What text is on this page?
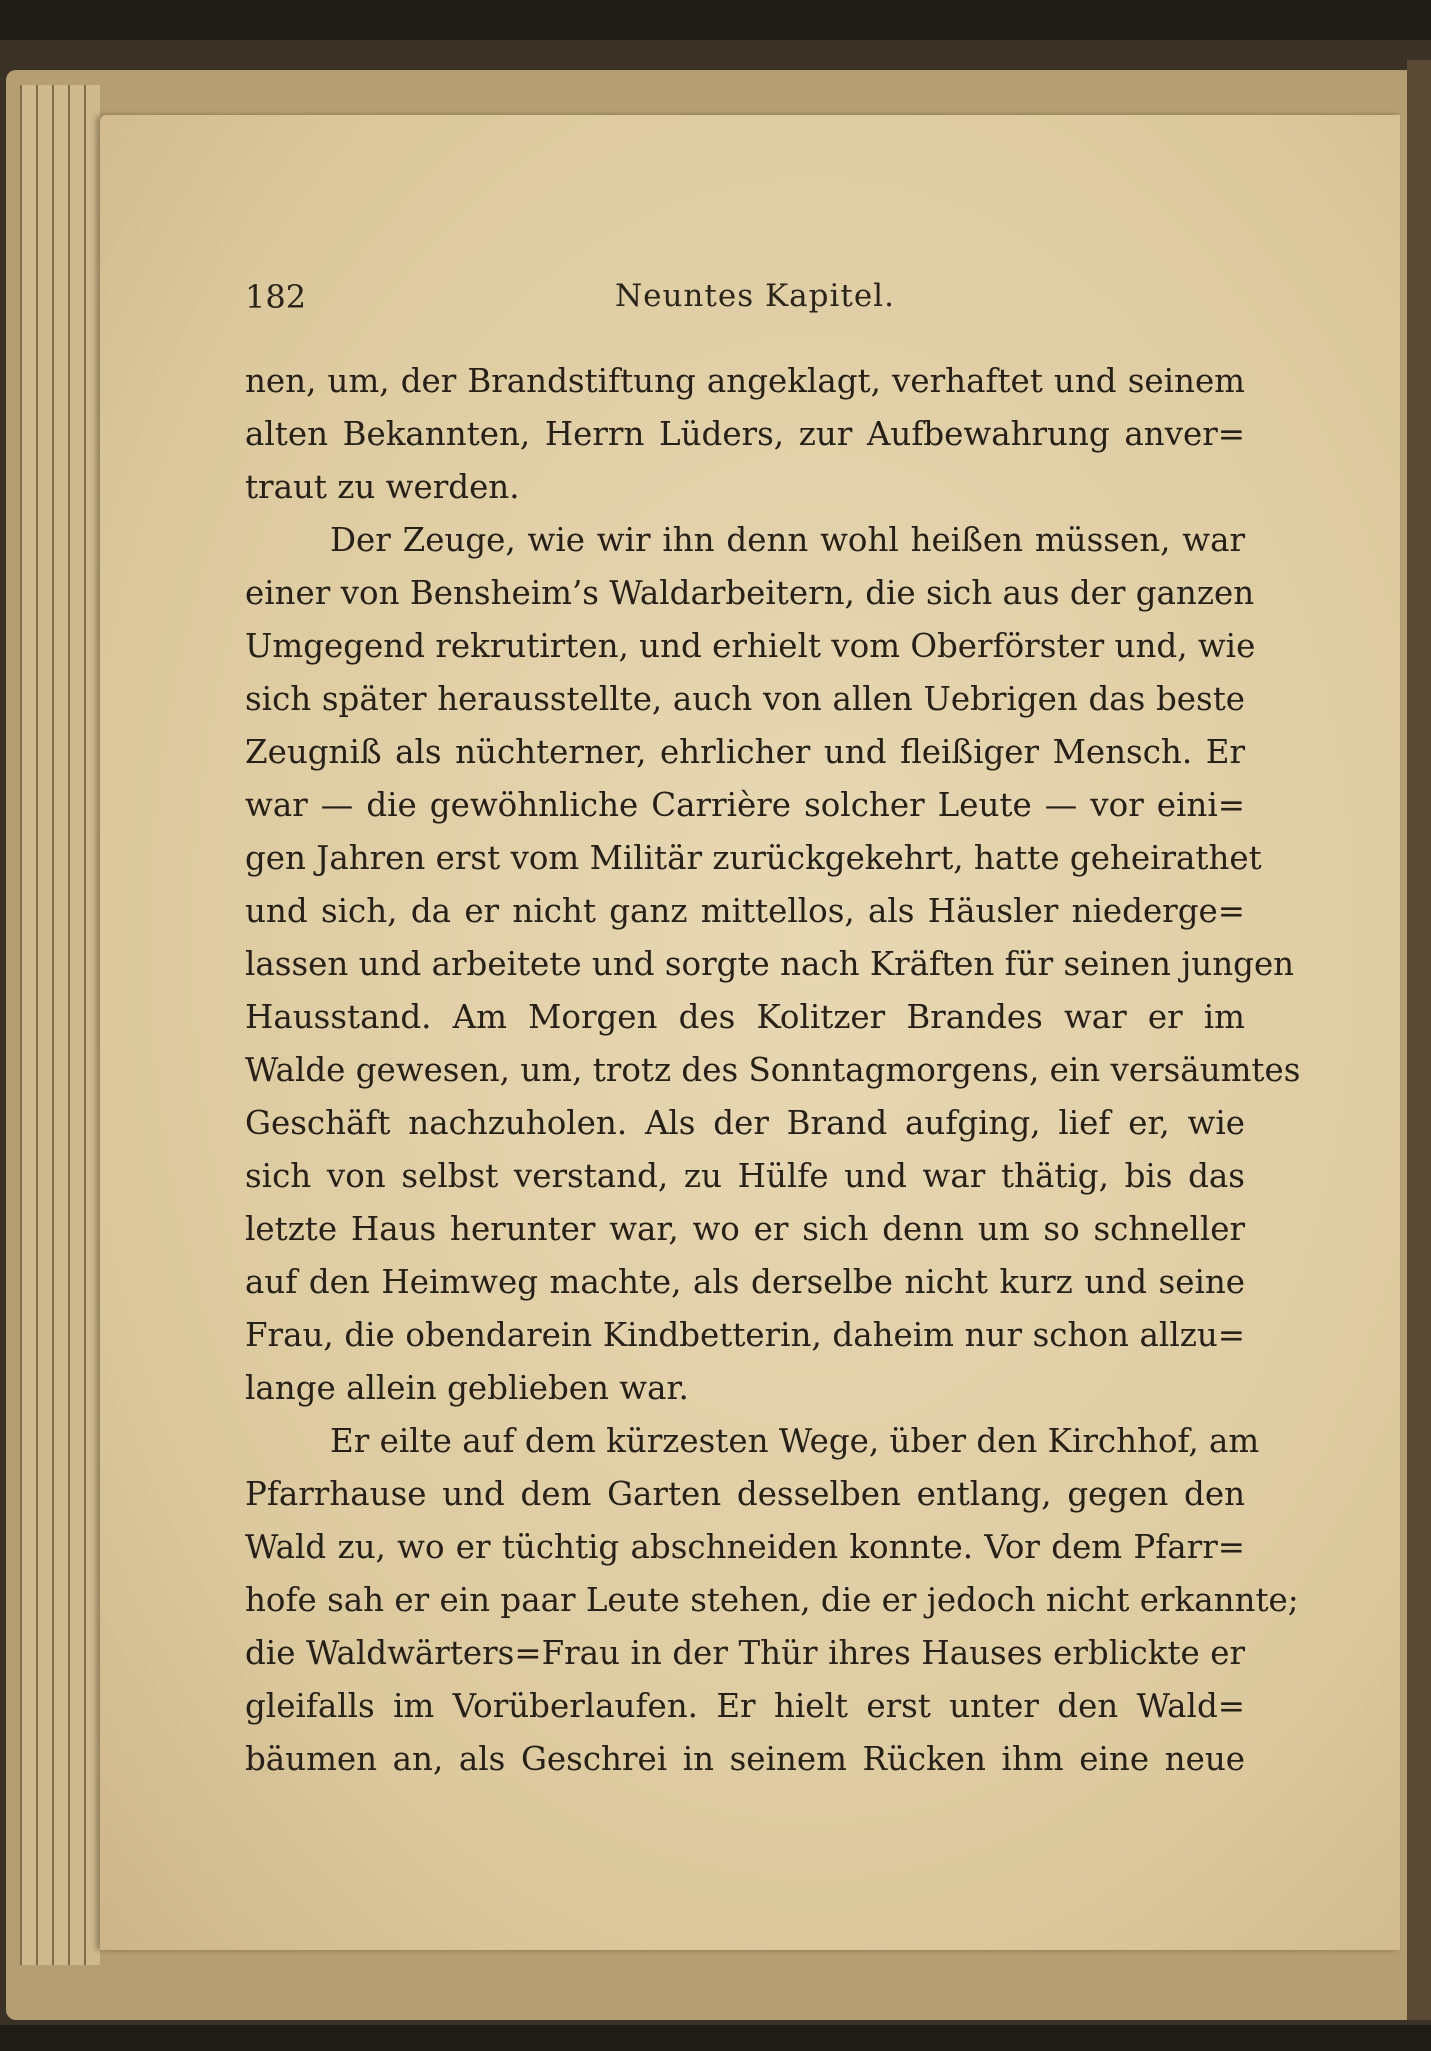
182	Neuntes Kapitel.
nen, um, der Brandstiftung angeklagt, verhaftet und seinem
alten Bekannten, Herrn Lüders, zur Aufbewahrung anver=
traut zu werden.
Der Zeuge, wie wir ihn denn wohl heißen müssen, war
einer von Bensheim’s Waldarbeitern, die sich aus der ganzen
Umgegend rekrutirten, und erhielt vom Oberförster und, wie
sich später herausstellte, auch von allen Uebrigen das beste
Zeugniß als nüchterner, ehrlicher und fleißiger Mensch. Er
war — die gewöhnliche Carrière solcher Leute — vor eini=
gen Jahren erst vom Militär zurückgekehrt, hatte geheirathet
und sich, da er nicht ganz mittellos, als Häusler niederge=
lassen und arbeitete und sorgte nach Kräften für seinen jungen
Hausstand. Am Morgen des Kolitzer Brandes war er im
Walde gewesen, um, trotz des Sonntagmorgens, ein versäumtes
Geschäft nachzuholen. Als der Brand aufging, lief er, wie
sich von selbst verstand, zu Hülfe und war thätig, bis das
letzte Haus herunter war, wo er sich denn um so schneller
auf den Heimweg machte, als derselbe nicht kurz und seine
Frau, die obendarein Kindbetterin, daheim nur schon allzu=
lange allein geblieben war.
Er eilte auf dem kürzesten Wege, über den Kirchhof, am
Pfarrhause und dem Garten desselben entlang, gegen den
Wald zu, wo er tüchtig abschneiden konnte. Vor dem Pfarr=
hofe sah er ein paar Leute stehen, die er jedoch nicht erkannte;
die Waldwärters=Frau in der Thür ihres Hauses erblickte er
gleifalls im Vorüberlaufen. Er hielt erst unter den Wald=
bäumen an, als Geschrei in seinem Rücken ihm eine neue
